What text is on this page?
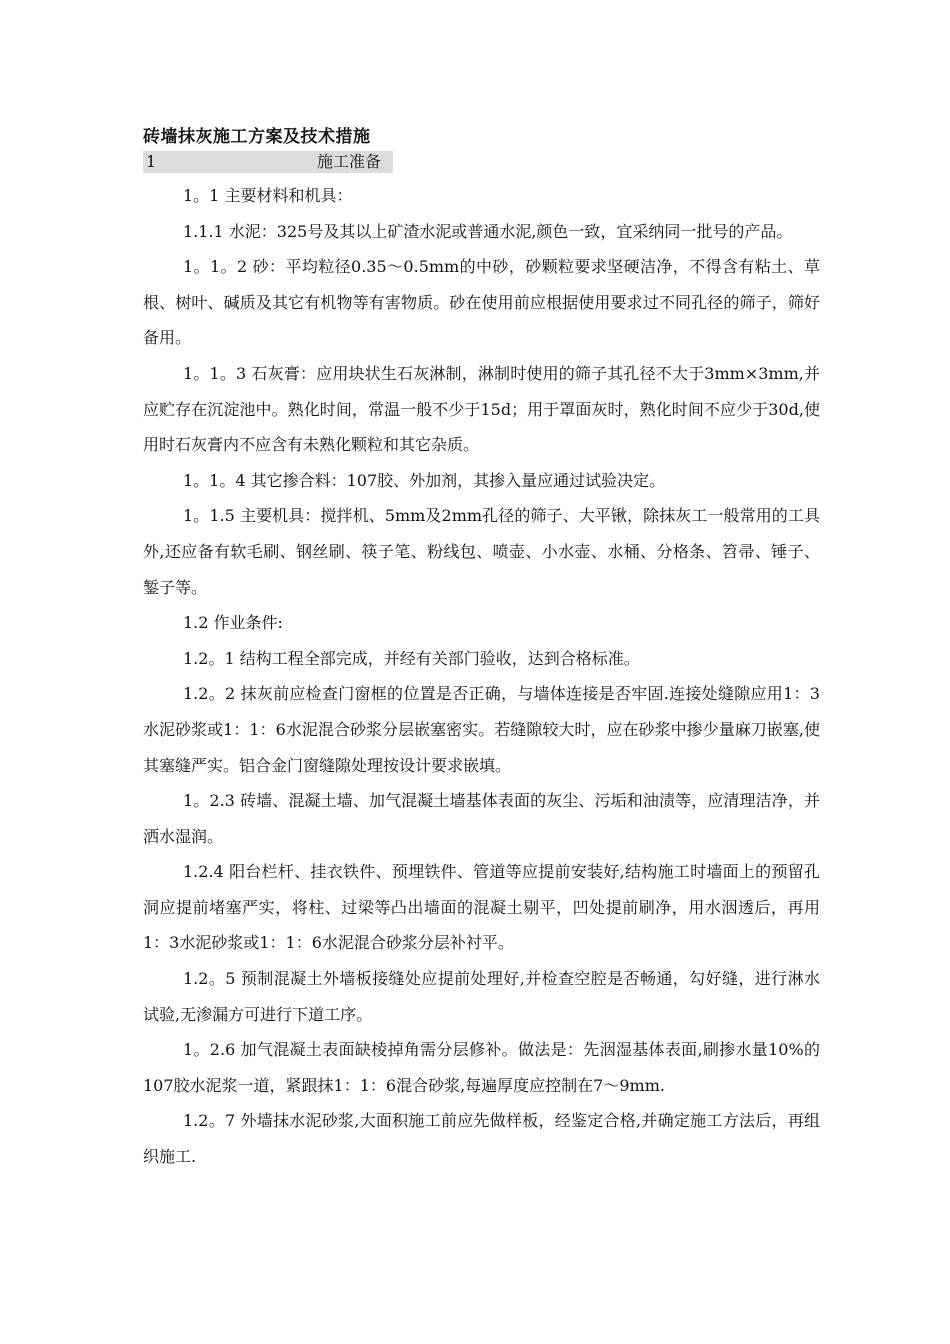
砖墙抹灰施工方案及技术措施
1	施工准备

1。1 主要材料和机具：

1.1.1 水泥：325号及其以上矿渣水泥或普通水泥,颜色一致，宜采纳同一批号的产品。

1。1。2 砂：平均粒径0.35～0.5mm的中砂，砂颗粒要求坚硬洁净，不得含有粘土、草根、树叶、碱质及其它有机物等有害物质。砂在使用前应根据使用要求过不同孔径的筛子，筛好备用。

1。1。3 石灰膏：应用块状生石灰淋制，淋制时使用的筛子其孔径不大于3mm×3mm,并应贮存在沉淀池中。熟化时间，常温一般不少于15d；用于罩面灰时，熟化时间不应少于30d,使用时石灰膏内不应含有未熟化颗粒和其它杂质。

1。1。4 其它掺合料：107胶、外加剂，其掺入量应通过试验决定。

1。1.5 主要机具：搅拌机、5mm及2mm孔径的筛子、大平锹，除抹灰工一般常用的工具外,还应备有软毛刷、钢丝刷、筷子笔、粉线包、喷壶、小水壶、水桶、分格条、笤帚、锤子、錾子等。

1.2 作业条件:

1.2。1 结构工程全部完成，并经有关部门验收，达到合格标准。

1.2。2 抹灰前应检查门窗框的位置是否正确，与墙体连接是否牢固.连接处缝隙应用1：3水泥砂浆或1：1：6水泥混合砂浆分层嵌塞密实。若缝隙较大时，应在砂浆中掺少量麻刀嵌塞,使其塞缝严实。铝合金门窗缝隙处理按设计要求嵌填。

1。2.3 砖墙、混凝土墙、加气混凝土墙基体表面的灰尘、污垢和油渍等，应清理洁净，并洒水湿润。

1.2.4 阳台栏杆、挂衣铁件、预埋铁件、管道等应提前安装好,结构施工时墙面上的预留孔洞应提前堵塞严实，将柱、过梁等凸出墙面的混凝土剔平，凹处提前刷净，用水洇透后，再用1：3水泥砂浆或1：1：6水泥混合砂浆分层补衬平。

1.2。5 预制混凝土外墙板接缝处应提前处理好,并检查空腔是否畅通，勾好缝，进行淋水试验,无渗漏方可进行下道工序。

1。2.6 加气混凝土表面缺棱掉角需分层修补。做法是：先洇湿基体表面,刷掺水量10%的107胶水泥浆一道，紧跟抹1：1：6混合砂浆,每遍厚度应控制在7～9mm.

1.2。7 外墙抹水泥砂浆,大面积施工前应先做样板，经鉴定合格,并确定施工方法后，再组织施工.
